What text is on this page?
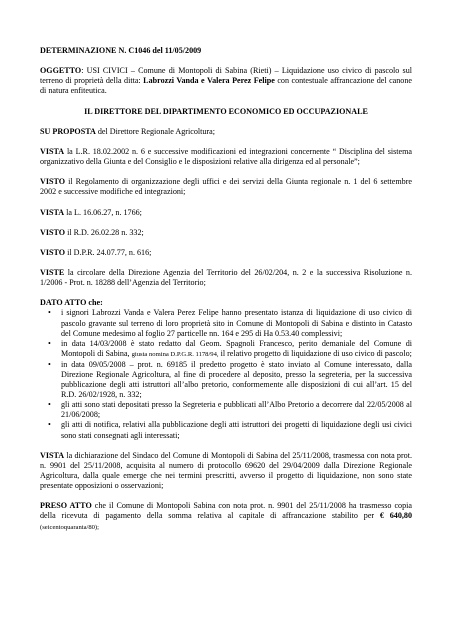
DETERMINAZIONE N. C1046 del 11/05/2009

OGGETTO: USI CIVICI – Comune di Montopoli di Sabina (Rieti) – Liquidazione uso civico di pascolo sul terreno di proprietà della ditta: Labrozzi Vanda e Valera Perez Felipe con contestuale affrancazione del canone di natura enfiteutica.

IL DIRETTORE DEL DIPARTIMENTO ECONOMICO ED OCCUPAZIONALE

SU PROPOSTA del Direttore Regionale Agricoltura;

VISTA la L.R. 18.02.2002 n. 6 e successive modificazioni ed integrazioni concernente “ Disciplina del sistema organizzativo della Giunta e del Consiglio e le disposizioni relative alla dirigenza ed al personale”;

VISTO il Regolamento di organizzazione degli uffici e dei servizi della Giunta regionale n. 1 del 6 settembre 2002 e successive modifiche ed integrazioni;

VISTA la L. 16.06.27, n. 1766;

VISTO il R.D. 26.02.28 n. 332;

VISTO il D.P.R. 24.07.77, n. 616;

VISTE la circolare della Direzione Agenzia del Territorio del 26/02/204, n. 2 e la successiva Risoluzione n. 1/2006 - Prot. n. 18288 dell’Agenzia del Territorio;

DATO ATTO che:

• i signori Labrozzi Vanda e Valera Perez Felipe hanno presentato istanza di liquidazione di uso civico di pascolo gravante sul terreno di loro proprietà sito in Comune di Montopoli di Sabina e distinto in Catasto del Comune medesimo al foglio 27 particelle nn. 164 e 295 di Ha 0.53.40 complessivi;
• in data 14/03/2008 è stato redatto dal Geom. Spagnoli Francesco, perito demaniale del Comune di Montopoli di Sabina, giusta nomina D.P.G.R. 1178/94, il relativo progetto di liquidazione di uso civico di pascolo;
• in data 09/05/2008 – prot. n. 69185 il predetto progetto è stato inviato al Comune interessato, dalla Direzione Regionale Agricoltura, al fine di procedere al deposito, presso la segreteria, per la successiva pubblicazione degli atti istruttori all’albo pretorio, conformemente alle disposizioni di cui all’art. 15 del R.D. 26/02/1928, n. 332;
• gli atti sono stati depositati presso la Segreteria e pubblicati all’Albo Pretorio a decorrere dal 22/05/2008 al 21/06/2008;
• gli atti di notifica, relativi alla pubblicazione degli atti istruttori dei progetti di liquidazione degli usi civici sono stati consegnati agli interessati;

VISTA la dichiarazione del Sindaco del Comune di Montopoli di Sabina del 25/11/2008, trasmessa con nota prot. n. 9901 del 25/11/2008, acquisita al numero di protocollo 69620 del 29/04/2009 dalla Direzione Regionale Agricoltura, dalla quale emerge che nei termini prescritti, avverso il progetto di liquidazione, non sono state presentate opposizioni o osservazioni;

PRESO ATTO che il Comune di Montopoli Sabina con nota prot. n. 9901 del 25/11/2008 ha trasmesso copia della ricevuta di pagamento della somma relativa al capitale di affrancazione stabilito per € 640,80 (seicentoquaranta/80);
